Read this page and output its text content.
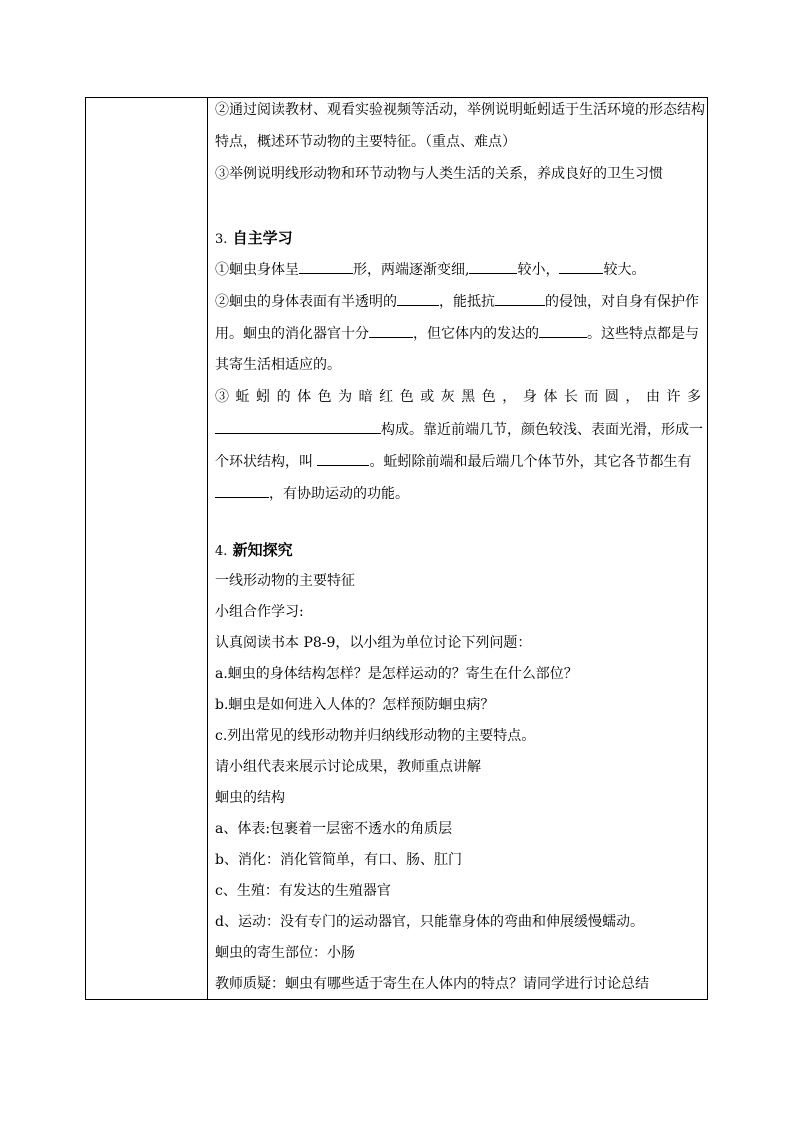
②通过阅读教材、观看实验视频等活动，举例说明蚯蚓适于生活环境的形态结构
特点，概述环节动物的主要特征。（重点、难点）
③举例说明线形动物和环节动物与人类生活的关系，养成良好的卫生习惯
3. 自主学习
①蛔虫身体呈	形，两端逐渐变细,	较小，	较大。
②蛔虫的身体表面有半透明的	，能抵抗	的侵蚀，对自身有保护作
用。蛔虫的消化器官十分	，但它体内的发达的	。这些特点都是与
其寄生活相适应的。
③蚯蚓的体色为暗红色或灰黑色，身体长而圆，由许多
构成。靠近前端几节，颜色较浅、表面光滑，形成一
个环状结构，叫	。蚯蚓除前端和最后端几个体节外，其它各节都生有
，有协助运动的功能。
4. 新知探究
一线形动物的主要特征
小组合作学习:
认真阅读书本 P8-9，以小组为单位讨论下列问题：
a.蛔虫的身体结构怎样？是怎样运动的？寄生在什么部位？
b.蛔虫是如何进入人体的？怎样预防蛔虫病？
c.列出常见的线形动物并归纳线形动物的主要特点。
请小组代表来展示讨论成果，教师重点讲解
蛔虫的结构
a、体表:包裹着一层密不透水的角质层
b、消化：消化管简单，有口、肠、肛门
c、生殖：有发达的生殖器官
d、运动：没有专门的运动器官，只能靠身体的弯曲和伸展缓慢蠕动。
蛔虫的寄生部位：小肠
教师质疑：蛔虫有哪些适于寄生在人体内的特点？请同学进行讨论总结
